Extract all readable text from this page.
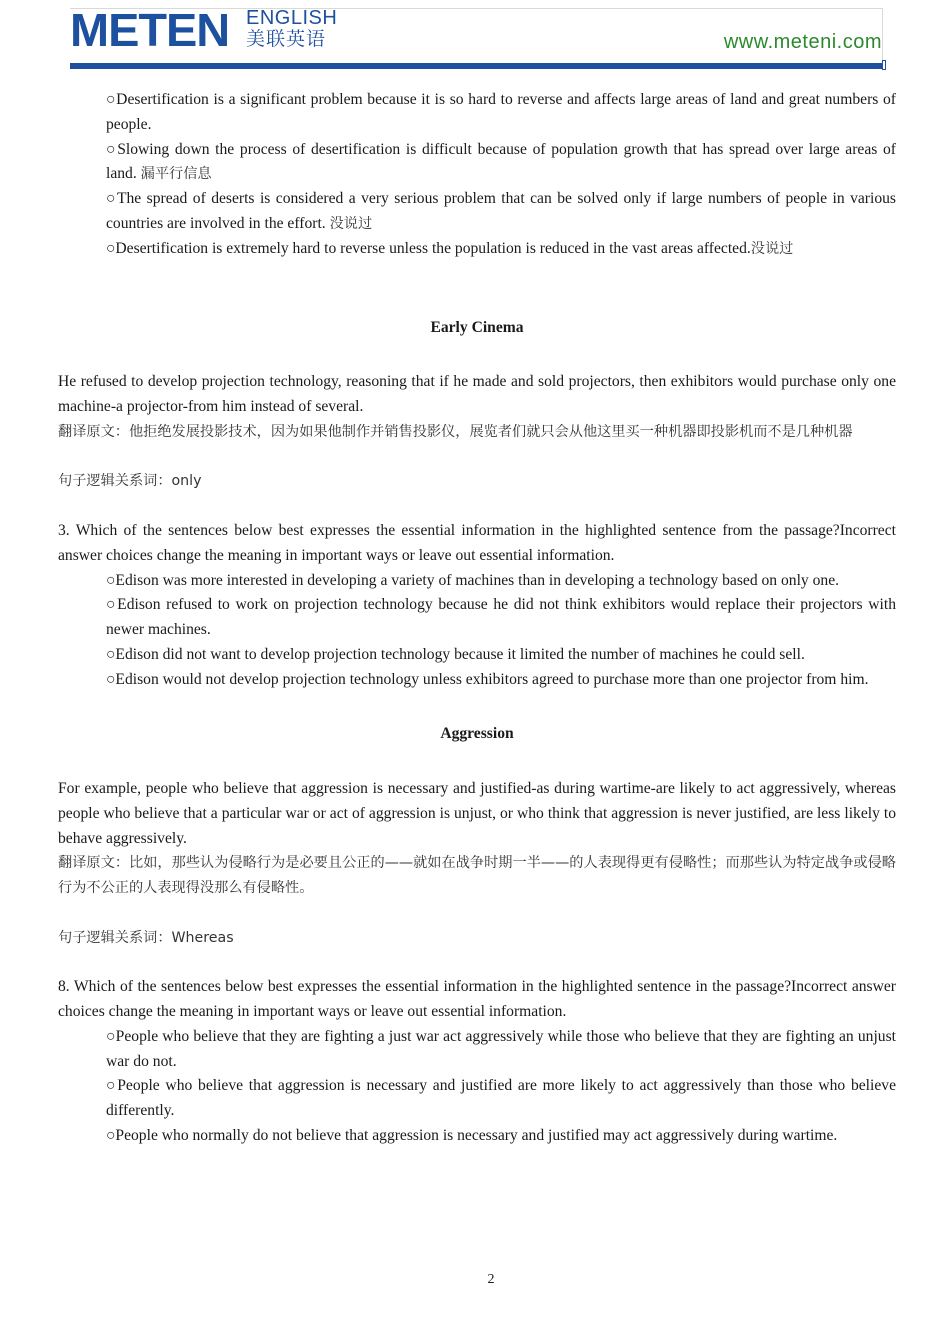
METEN ENGLISH
美联英语	www.meteni.com

○Desertification is a significant problem because it is so hard to reverse and affects large areas of land and great numbers of people.

○Slowing down the process of desertification is difficult because of population growth that has spread over large areas of land. 漏平行信息

○The spread of deserts is considered a very serious problem that can be solved only if large numbers of people in various countries are involved in the effort. 没说过

○Desertification is extremely hard to reverse unless the population is reduced in the vast areas affected.没说过

Early Cinema

He refused to develop projection technology, reasoning that if he made and sold projectors, then exhibitors would purchase only one machine-a projector-from him instead of several.

翻译原文：他拒绝发展投影技术，因为如果他制作并销售投影仪，展览者们就只会从他这里买一种机器即投影机而不是几种机器

句子逻辑关系词：only

3. Which of the sentences below best expresses the essential information in the highlighted sentence from the passage?Incorrect answer choices change the meaning in important ways or leave out essential information.

○Edison was more interested in developing a variety of machines than in developing a technology based on only one.

○Edison refused to work on projection technology because he did not think exhibitors would replace their projectors with newer machines.

○Edison did not want to develop projection technology because it limited the number of machines he could sell.

○Edison would not develop projection technology unless exhibitors agreed to purchase more than one projector from him.

Aggression

For example, people who believe that aggression is necessary and justified-as during wartime-are likely to act aggressively, whereas people who believe that a particular war or act of aggression is unjust, or who think that aggression is never justified, are less likely to behave aggressively.

翻译原文：比如，那些认为侵略行为是必要且公正的——就如在战争时期一半——的人表现得更有侵略性；而那些认为特定战争或侵略行为不公正的人表现得没那么有侵略性。

句子逻辑关系词：Whereas

8. Which of the sentences below best expresses the essential information in the highlighted sentence in the passage?Incorrect answer choices change the meaning in important ways or leave out essential information.

○People who believe that they are fighting a just war act aggressively while those who believe that they are fighting an unjust war do not.

○People who believe that aggression is necessary and justified are more likely to act aggressively than those who believe differently.

○People who normally do not believe that aggression is necessary and justified may act aggressively during wartime.

2
